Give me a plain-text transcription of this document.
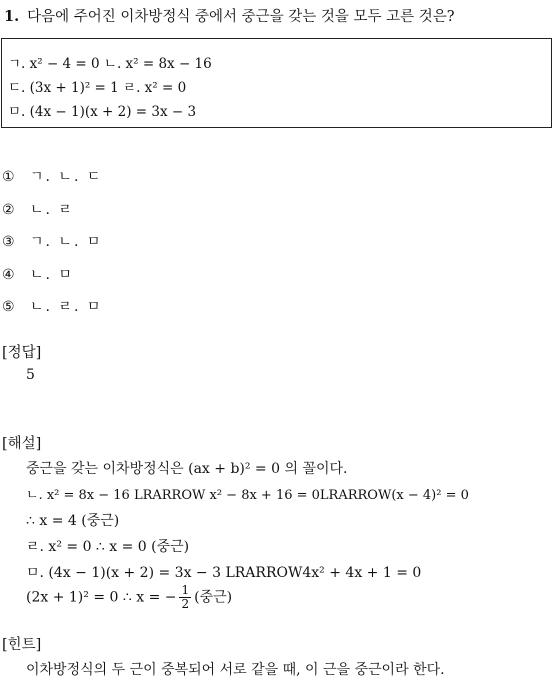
1. 다음에 주어진 이차방정식 중에서 중근을 갖는 것을 모두 고른 것은?
ㄱ. x² − 4 = 0 ㄴ. x² = 8x − 16
ㄷ. (3x + 1)² = 1 ㄹ. x² = 0
ㅁ. (4x − 1)(x + 2) = 3x − 3
① ㄱ. ㄴ. ㄷ
② ㄴ. ㄹ
③ ㄱ. ㄴ. ㅁ
④ ㄴ. ㅁ
⑤ ㄴ. ㄹ. ㅁ
[정답]
5
[해설]
중근을 갖는 이차방정식은 (ax + b)² = 0 의 꼴이다.
ㄴ. x² = 8x − 16 LRARROW x² − 8x + 16 = 0LRARROW(x − 4)² = 0
∴ x = 4 (중근)
ㄹ. x² = 0 ∴ x = 0 (중근)
ㅁ. (4x − 1)(x + 2) = 3x − 3 LRARROW4x² + 4x + 1 = 0
(2x + 1)² = 0 ∴ x = − $\frac{1}{2}$ (중근)
[힌트]
이차방정식의 두 근이 중복되어 서로 같을 때, 이 근을 중근이라 한다.
